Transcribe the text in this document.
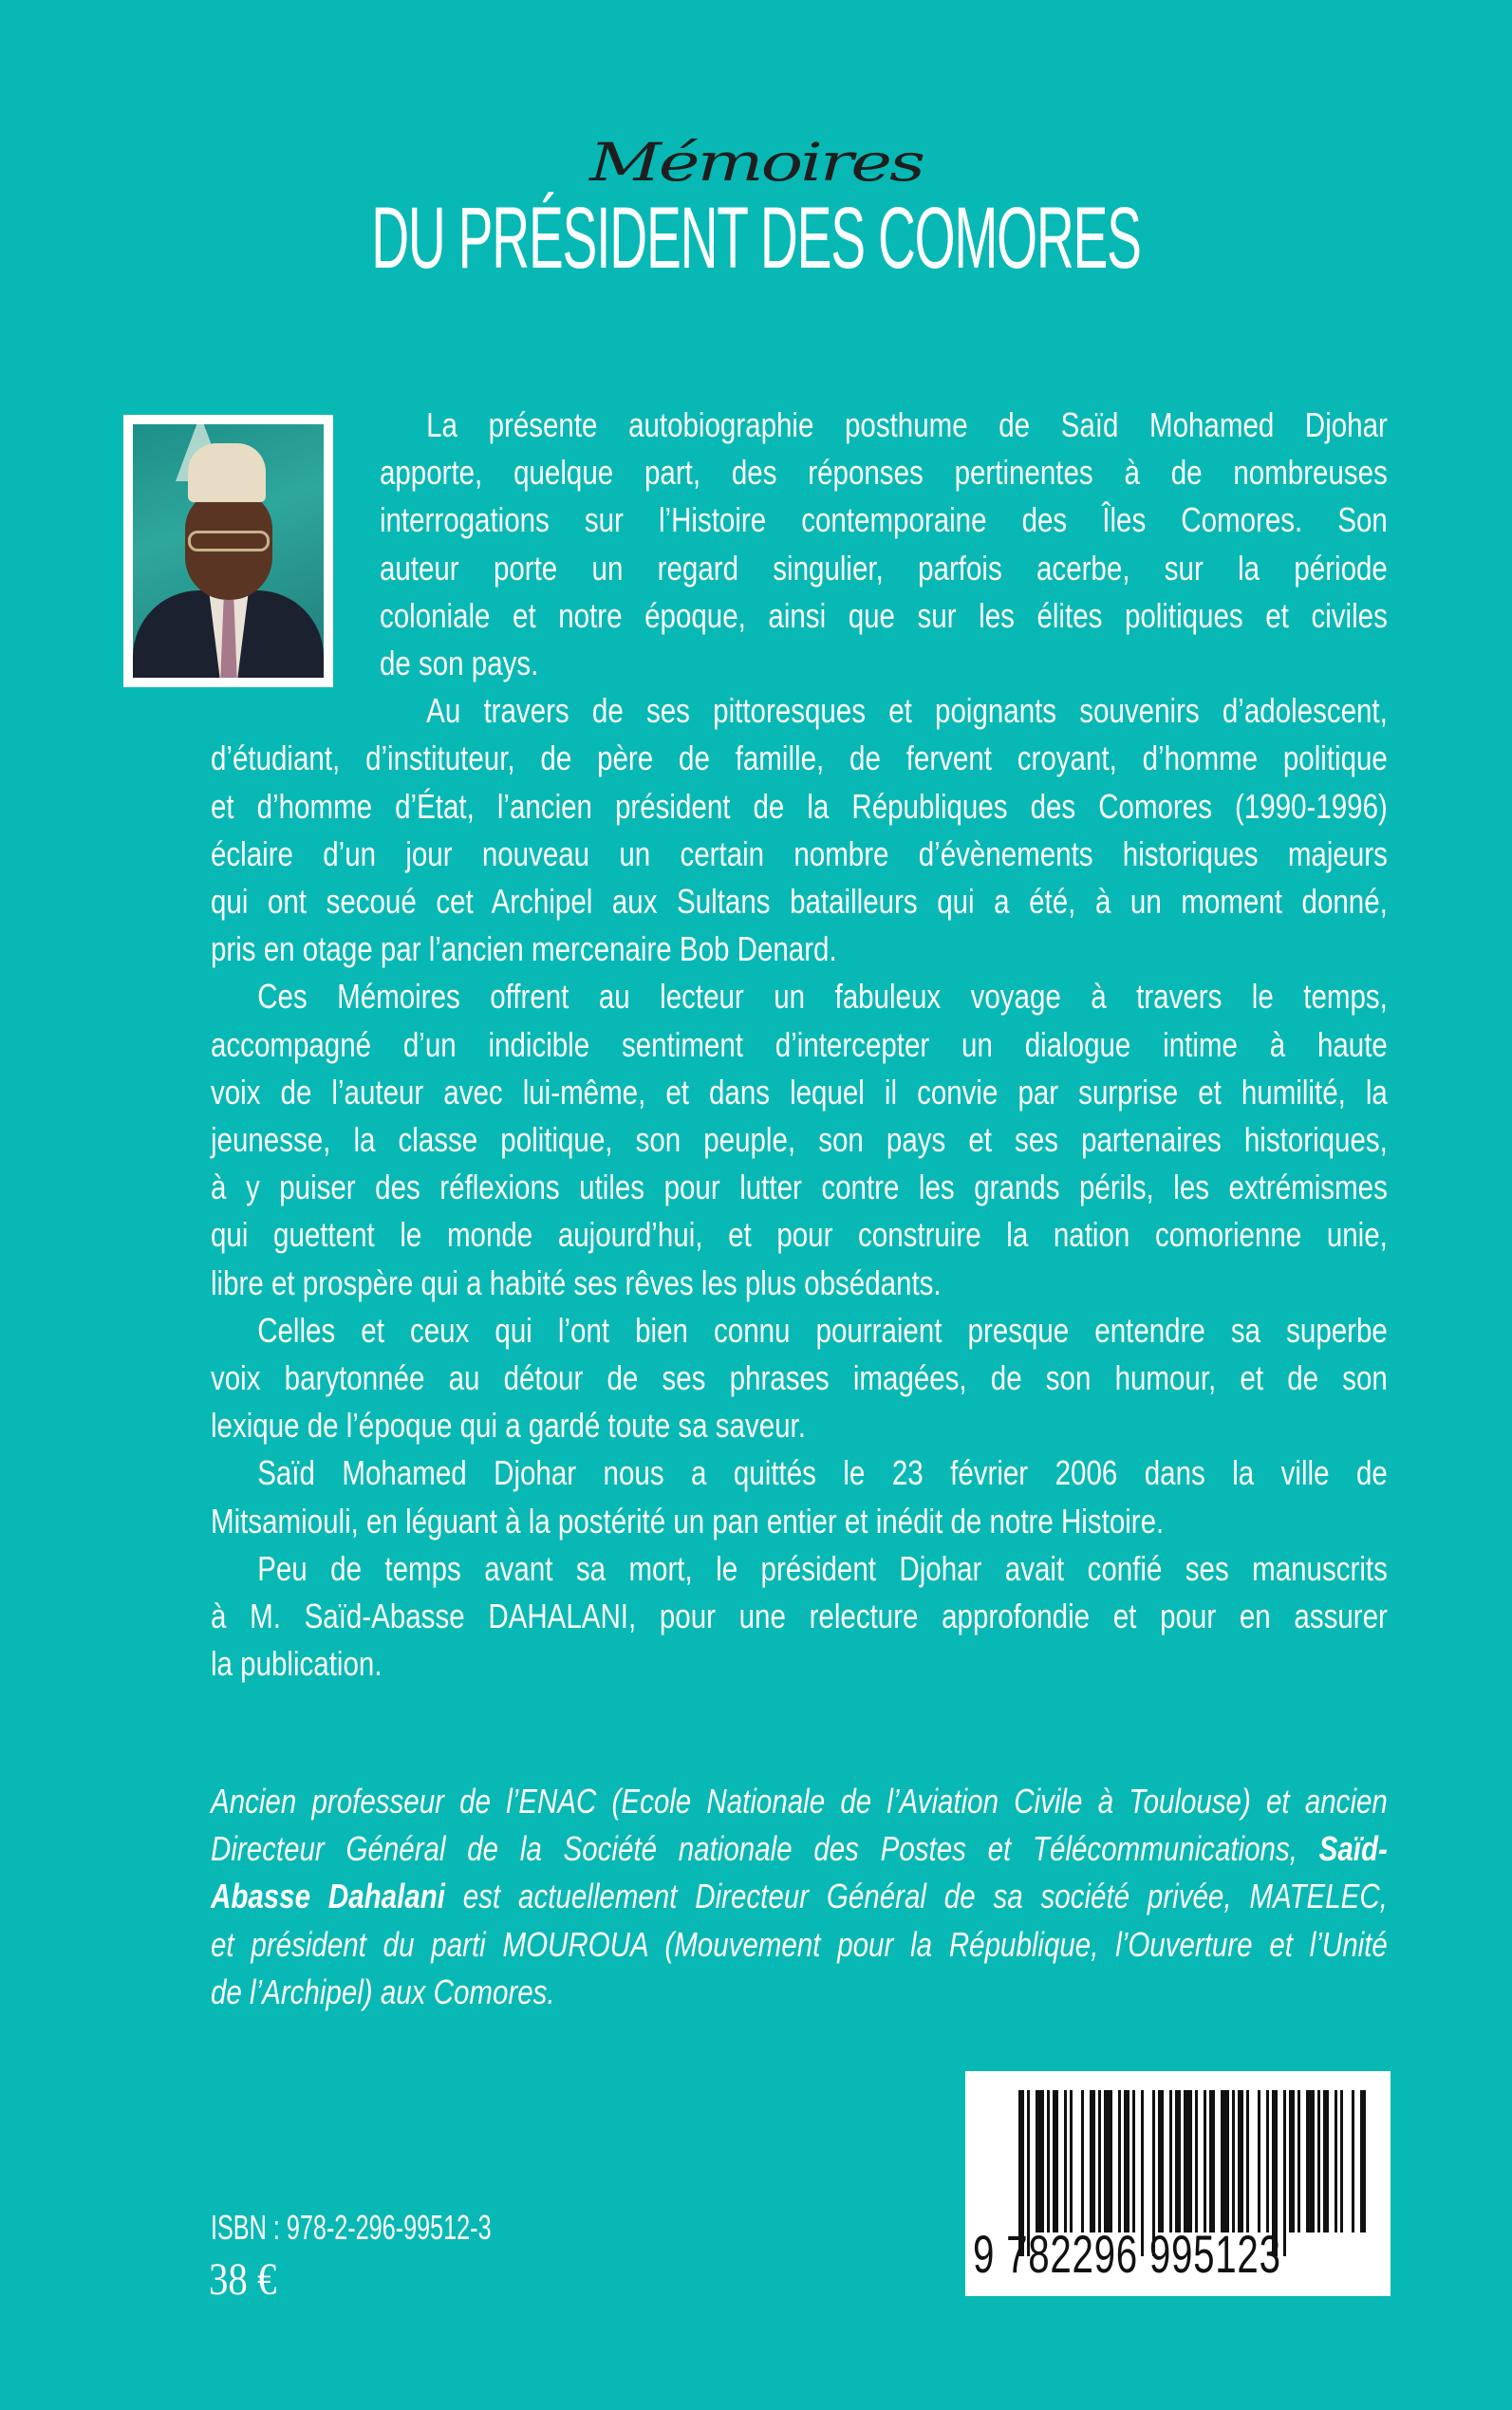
Mémoires
DU PRÉSIDENT DES COMORES
La présente autobiographie posthume de Saïd Mohamed Djohar
apporte, quelque part, des réponses pertinentes à de nombreuses
interrogations sur l’Histoire contemporaine des Îles Comores. Son
auteur porte un regard singulier, parfois acerbe, sur la période
coloniale et notre époque, ainsi que sur les élites politiques et civiles
de son pays.
Au travers de ses pittoresques et poignants souvenirs d’adolescent,
d’étudiant, d’instituteur, de père de famille, de fervent croyant, d’homme politique
et d’homme d’État, l’ancien président de la Républiques des Comores (1990-1996)
éclaire d’un jour nouveau un certain nombre d’évènements historiques majeurs
qui ont secoué cet Archipel aux Sultans batailleurs qui a été, à un moment donné,
pris en otage par l’ancien mercenaire Bob Denard.
Ces Mémoires offrent au lecteur un fabuleux voyage à travers le temps,
accompagné d’un indicible sentiment d’intercepter un dialogue intime à haute
voix de l’auteur avec lui-même, et dans lequel il convie par surprise et humilité, la
jeunesse, la classe politique, son peuple, son pays et ses partenaires historiques,
à y puiser des réflexions utiles pour lutter contre les grands périls, les extrémismes
qui guettent le monde aujourd’hui, et pour construire la nation comorienne unie,
libre et prospère qui a habité ses rêves les plus obsédants.
Celles et ceux qui l’ont bien connu pourraient presque entendre sa superbe
voix barytonnée au détour de ses phrases imagées, de son humour, et de son
lexique de l’époque qui a gardé toute sa saveur.
Saïd Mohamed Djohar nous a quittés le 23 février 2006 dans la ville de
Mitsamiouli, en léguant à la postérité un pan entier et inédit de notre Histoire.
Peu de temps avant sa mort, le président Djohar avait confié ses manuscrits
à M. Saïd-Abasse DAHALANI, pour une relecture approfondie et pour en assurer
la publication.
Ancien professeur de l’ENAC (Ecole Nationale de l’Aviation Civile à Toulouse) et ancien
Directeur Général de la Société nationale des Postes et Télécommunications, Saïd-
Abasse Dahalani est actuellement Directeur Général de sa société privée, MATELEC,
et président du parti MOUROUA (Mouvement pour la République, l’Ouverture et l’Unité
de l’Archipel) aux Comores.
ISBN : 978-2-296-99512-3
38 €	9 782296 995123
